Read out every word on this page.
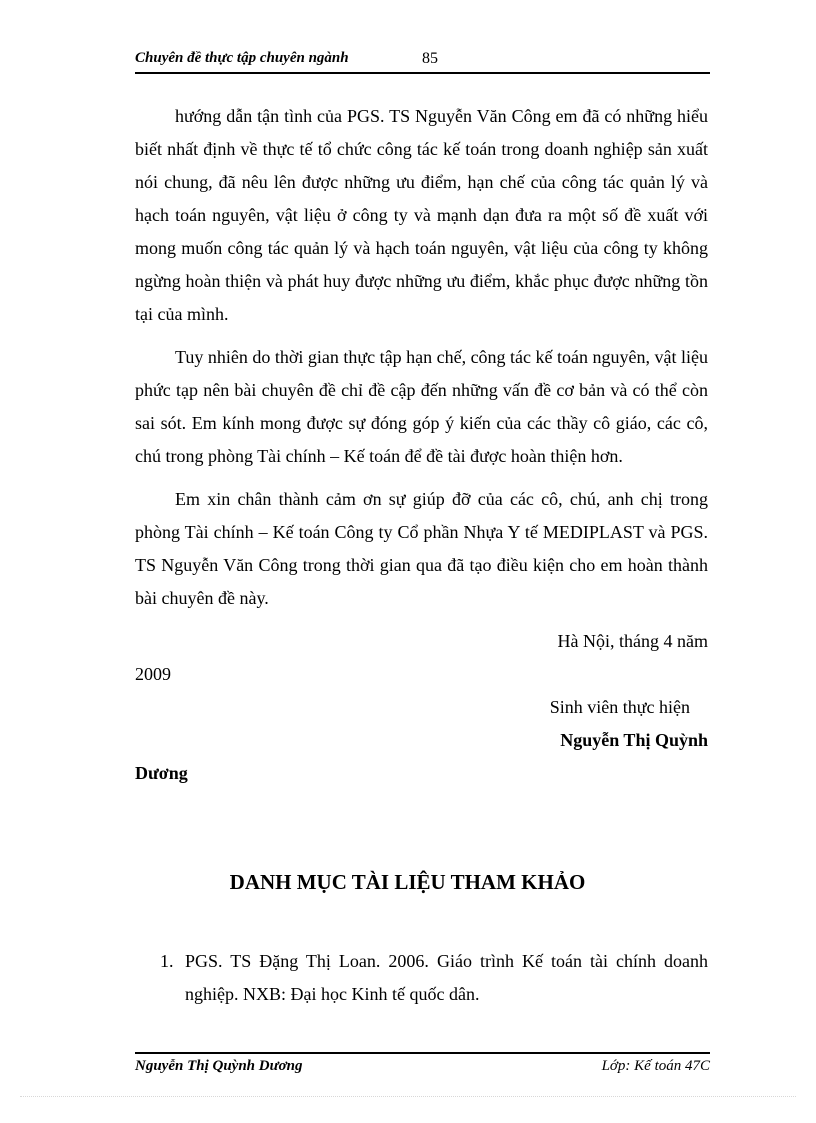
Chuyên đề thực tập chuyên ngành	85

hướng dẫn tận tình của PGS. TS Nguyễn Văn Công em đã có những hiểu biết nhất định về thực tế tổ chức công tác kế toán trong doanh nghiệp sản xuất nói chung, đã nêu lên được những ưu điểm, hạn chế của công tác quản lý và hạch toán nguyên, vật liệu ở công ty và mạnh dạn đưa ra một số đề xuất với mong muốn công tác quản lý và hạch toán nguyên, vật liệu của công ty không ngừng hoàn thiện và phát huy được những ưu điểm, khắc phục được những tồn tại của mình.

Tuy nhiên do thời gian thực tập hạn chế, công tác kế toán nguyên, vật liệu phức tạp nên bài chuyên đề chỉ đề cập đến những vấn đề cơ bản và có thể còn sai sót. Em kính mong được sự đóng góp ý kiến của các thầy cô giáo, các cô, chú trong phòng Tài chính – Kế toán để đề tài được hoàn thiện hơn.

Em xin chân thành cảm ơn sự giúp đỡ của các cô, chú, anh chị trong phòng Tài chính – Kế toán Công ty Cổ phần Nhựa Y tế MEDIPLAST và PGS. TS Nguyễn Văn Công trong thời gian qua đã tạo điều kiện cho em hoàn thành bài chuyên đề này.

Hà Nội, tháng 4 năm

2009

Sinh viên thực hiện

Nguyễn Thị Quỳnh

Dương

DANH MỤC TÀI LIỆU THAM KHẢO
1. PGS. TS Đặng Thị Loan. 2006. Giáo trình Kế toán tài chính doanh nghiệp. NXB: Đại học Kinh tế quốc dân.
Nguyễn Thị Quỳnh Dương	Lớp: Kế toán 47C
